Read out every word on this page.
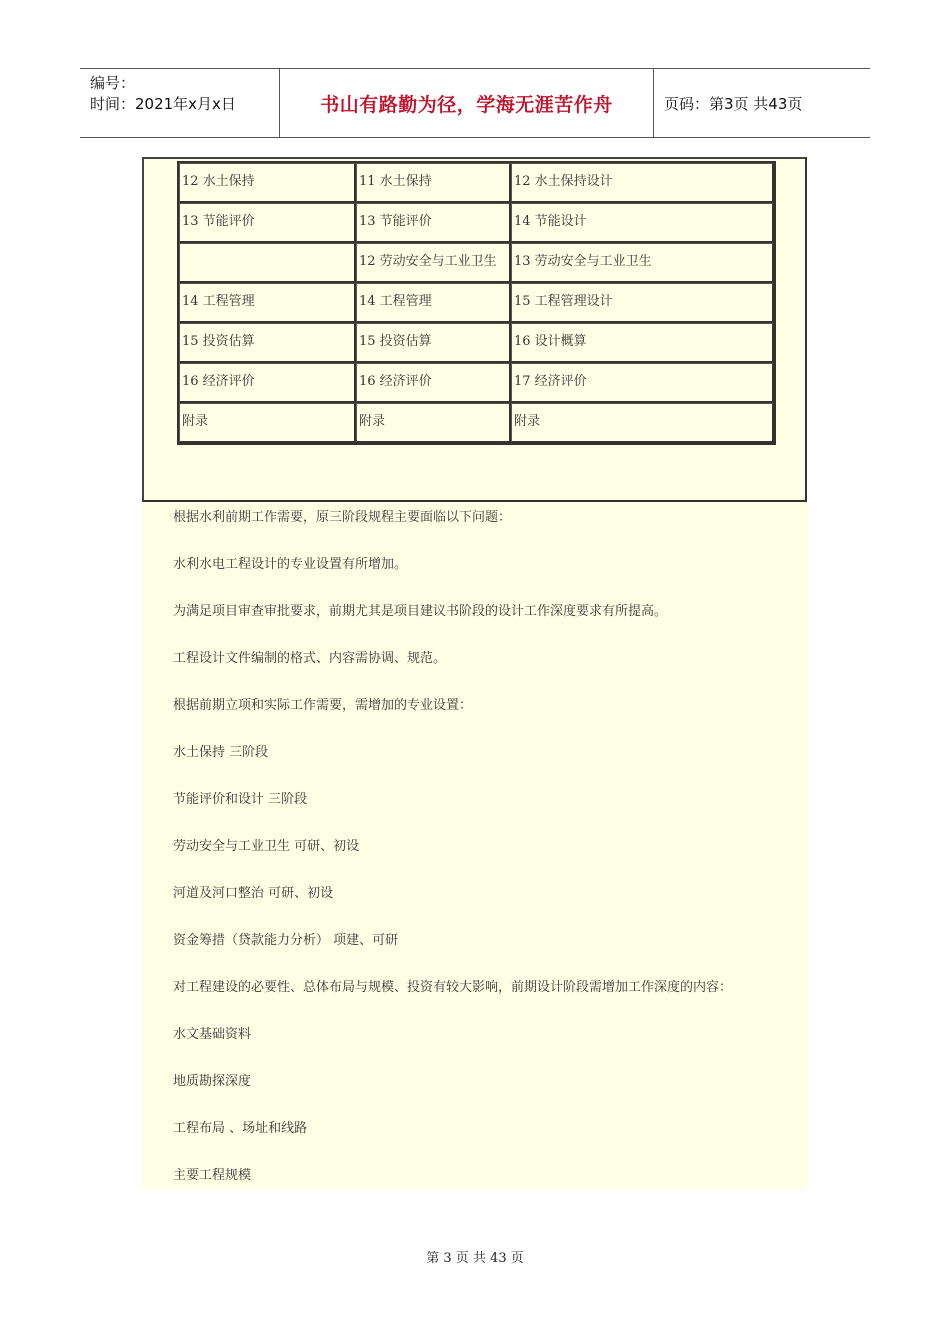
编号：
时间：2021年x月x日	书山有路勤为径，学海无涯苦作舟	页码：第3页 共43页
12 水土保持	11 水土保持	12 水土保持设计
13 节能评价	13 节能评价	14 节能设计
	12 劳动安全与工业卫生	13 劳动安全与工业卫生
14 工程管理	14 工程管理	15 工程管理设计
15 投资估算	15 投资估算	16 设计概算
16 经济评价	16 经济评价	17 经济评价
附录	附录	附录

根据水利前期工作需要，原三阶段规程主要面临以下问题：

水利水电工程设计的专业设置有所增加。

为满足项目审查审批要求，前期尤其是项目建议书阶段的设计工作深度要求有所提高。

工程设计文件编制的格式、内容需协调、规范。

根据前期立项和实际工作需要，需增加的专业设置：

水土保持 三阶段

节能评价和设计 三阶段

劳动安全与工业卫生 可研、初设

河道及河口整治 可研、初设

资金筹措（贷款能力分析） 项建、可研

对工程建设的必要性、总体布局与规模、投资有较大影响，前期设计阶段需增加工作深度的内容：

水文基础资料

地质勘探深度

工程布局 、场址和线路

主要工程规模

第 3 页 共 43 页
